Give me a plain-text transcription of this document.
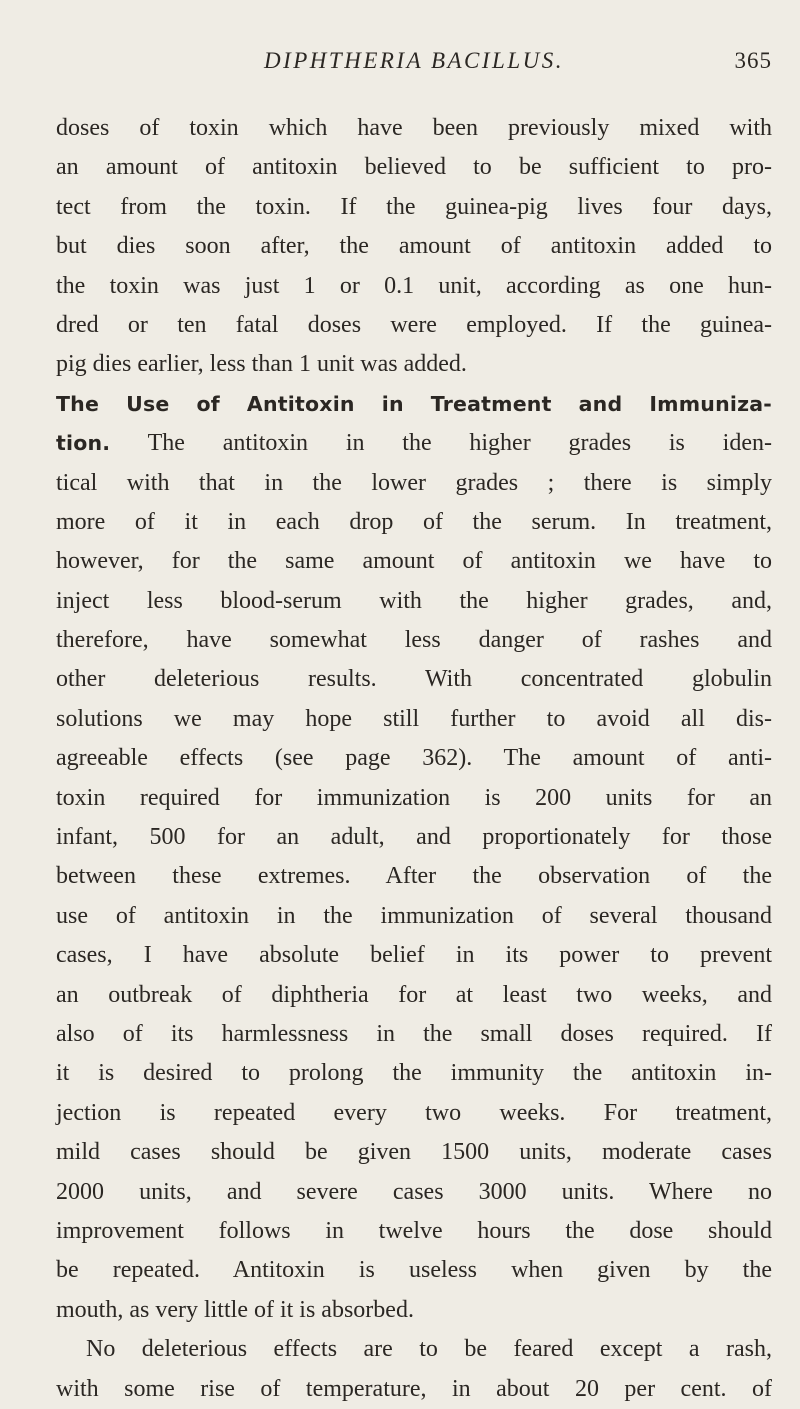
DIPHTHERIA BACILLUS.	365
doses of toxin which have been previously mixed with
an amount of antitoxin believed to be sufficient to pro-
tect from the toxin. If the guinea-pig lives four days,
but dies soon after, the amount of antitoxin added to
the toxin was just 1 or 0.1 unit, according as one hun-
dred or ten fatal doses were employed. If the guinea-
pig dies earlier, less than 1 unit was added.
The Use of Antitoxin in Treatment and Immuniza-
tion. The antitoxin in the higher grades is iden-
tical with that in the lower grades ; there is simply
more of it in each drop of the serum. In treatment,
however, for the same amount of antitoxin we have to
inject less blood-serum with the higher grades, and,
therefore, have somewhat less danger of rashes and
other deleterious results. With concentrated globulin
solutions we may hope still further to avoid all dis-
agreeable effects (see page 362). The amount of anti-
toxin required for immunization is 200 units for an
infant, 500 for an adult, and proportionately for those
between these extremes. After the observation of the
use of antitoxin in the immunization of several thousand
cases, I have absolute belief in its power to prevent
an outbreak of diphtheria for at least two weeks, and
also of its harmlessness in the small doses required. If
it is desired to prolong the immunity the antitoxin in-
jection is repeated every two weeks. For treatment,
mild cases should be given 1500 units, moderate cases
2000 units, and severe cases 3000 units. Where no
improvement follows in twelve hours the dose should
be repeated. Antitoxin is useless when given by the
mouth, as very little of it is absorbed.
No deleterious effects are to be feared except a rash,
with some rise of temperature, in about 20 per cent. of
